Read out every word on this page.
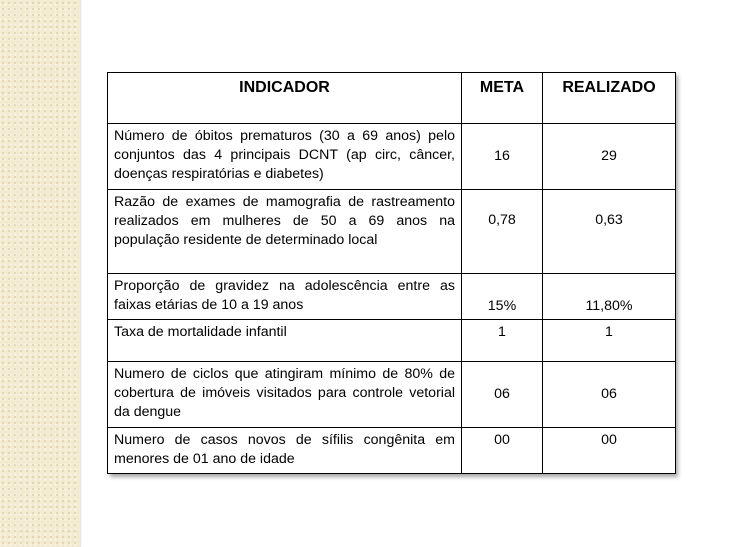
INDICADOR	META	REALIZADO
Número de óbitos prematuros (30 a 69 anos) pelo conjuntos das 4 principais DCNT (ap circ, câncer, doenças respiratórias e diabetes)	16	29
Razão de exames de mamografia de rastreamento realizados em mulheres de 50 a 69 anos na população residente de determinado local	0,78	0,63
Proporção de gravidez na adolescência entre as faixas etárias de 10 a 19 anos	15%	11,80%
Taxa de mortalidade infantil	1	1
Numero de ciclos que atingiram mínimo de 80% de cobertura de imóveis visitados para controle vetorial da dengue	06	06
Numero de casos novos de sífilis congênita em menores de 01 ano de idade	00	00
